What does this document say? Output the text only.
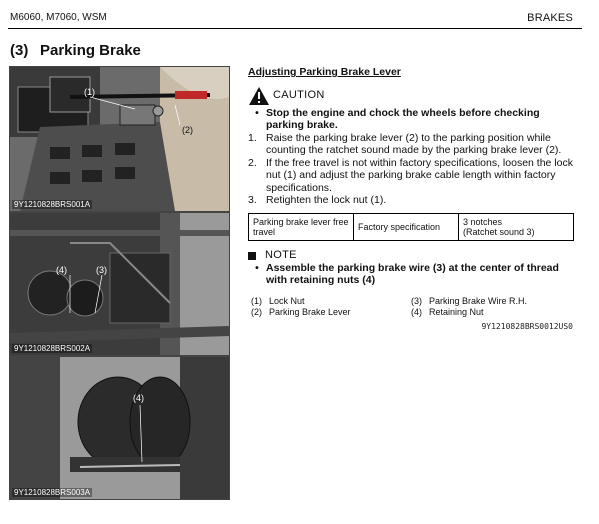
M6060, M7060, WSM	BRAKES
(3) Parking Brake
(1)
(2)
9Y1210828BRS001A
(4)	(3)
9Y1210828BRS002A
(4)
9Y1210828BRS003A
Adjusting Parking Brake Lever
CAUTION
• Stop the engine and chock the wheels before checking parking brake.
1. Raise the parking brake lever (2) to the parking position while counting the ratchet sound made by the parking brake lever (2).
2. If the free travel is not within factory specifications, loosen the lock nut (1) and adjust the parking brake cable length within factory specifications.
3. Retighten the lock nut (1).
Parking brake lever free travel	Factory specification	3 notches
(Ratchet sound 3)
NOTE
• Assemble the parking brake wire (3) at the center of thread with retaining nuts (4)
(1) Lock Nut	(3) Parking Brake Wire R.H.
(2) Parking Brake Lever	(4) Retaining Nut
9Y1210828BRS0012US0
